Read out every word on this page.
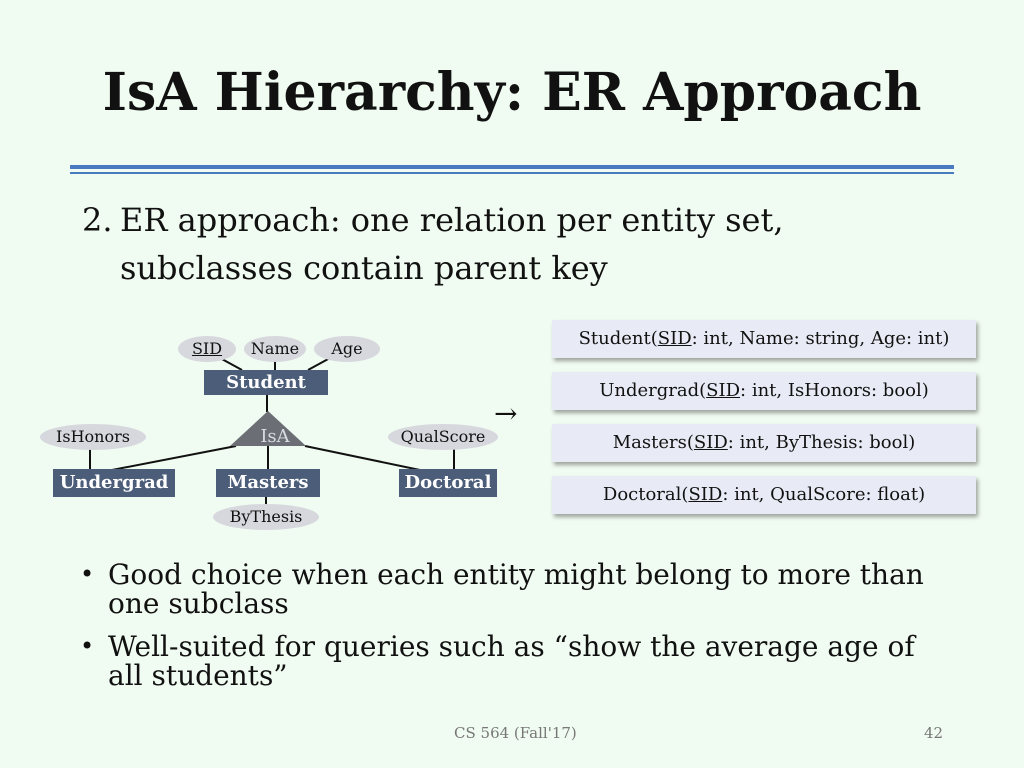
IsA Hierarchy: ER Approach
2. ER approach: one relation per entity set,
subclasses contain parent key
SID	Name	Age
Student
IsA
IsHonors	QualScore
Undergrad	Masters	Doctoral
ByThesis
→
Student(SID: int, Name: string, Age: int)
Undergrad(SID: int, IsHonors: bool)
Masters(SID: int, ByThesis: bool)
Doctoral(SID: int, QualScore: float)
• Good choice when each entity might belong to more than
one subclass
• Well-suited for queries such as “show the average age of
all students”
CS 564 (Fall'17)	42
